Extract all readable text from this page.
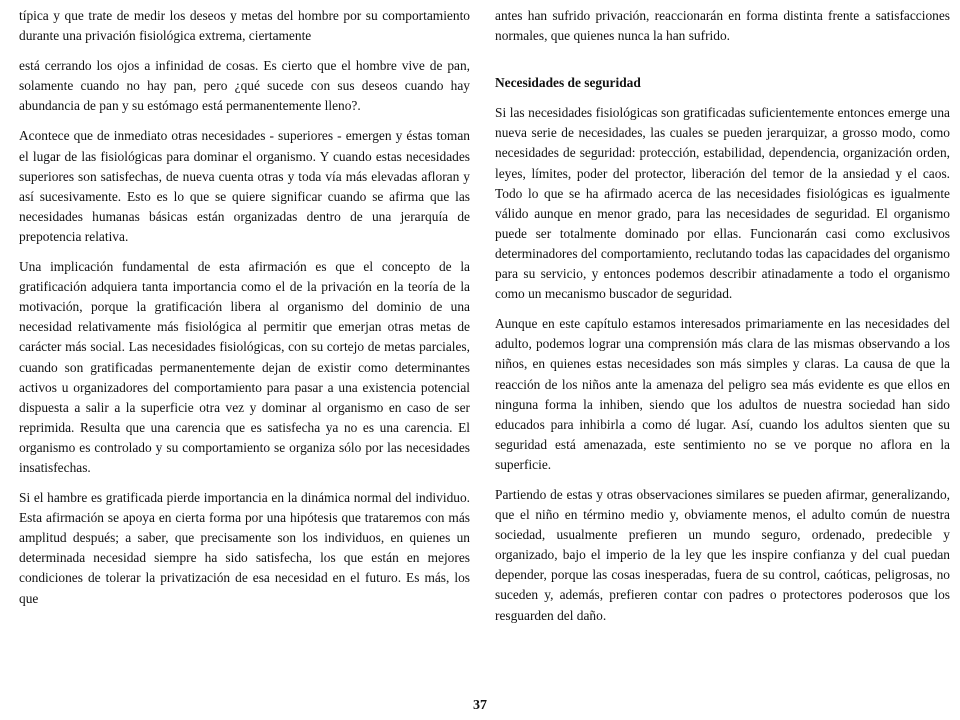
típica y que trate de medir los deseos y metas del hombre por su comportamiento durante una privación fisiológica extrema, ciertamente

está cerrando los ojos a infinidad de cosas. Es cierto que el hombre vive de pan, solamente cuando no hay pan, pero ¿qué sucede con sus deseos cuando hay abundancia de pan y su estómago está permanentemente lleno?.

Acontece que de inmediato otras necesidades - superiores - emergen y éstas toman el lugar de las fisiológicas para dominar el organismo. Y cuando estas necesidades superiores son satisfechas, de nueva cuenta otras y toda vía más elevadas afloran y así sucesivamente. Esto es lo que se quiere significar cuando se afirma que las necesidades humanas básicas están organizadas dentro de una jerarquía de prepotencia relativa.

Una implicación fundamental de esta afirmación es que el concepto de la gratificación adquiera tanta importancia como el de la privación en la teoría de la motivación, porque la gratificación libera al organismo del dominio de una necesidad relativamente más fisiológica al permitir que emerjan otras metas de carácter más social. Las necesidades fisiológicas, con su cortejo de metas parciales, cuando son gratificadas permanentemente dejan de existir como determinantes activos u organizadores del comportamiento para pasar a una existencia potencial dispuesta a salir a la superficie otra vez y dominar al organismo en caso de ser reprimida. Resulta que una carencia que es satisfecha ya no es una carencia. El organismo es controlado y su comportamiento se organiza sólo por las necesidades insatisfechas.

Si el hambre es gratificada pierde importancia en la dinámica normal del individuo. Esta afirmación se apoya en cierta forma por una hipótesis que trataremos con más amplitud después; a saber, que precisamente son los individuos, en quienes un determinada necesidad siempre ha sido satisfecha, los que están en mejores condiciones de tolerar la privatización de esa necesidad en el futuro. Es más, los que

antes han sufrido privación, reaccionarán en forma distinta frente a satisfacciones normales, que quienes nunca la han sufrido.

Necesidades de seguridad

Si las necesidades fisiológicas son gratificadas suficientemente entonces emerge una nueva serie de necesidades, las cuales se pueden jerarquizar, a grosso modo, como necesidades de seguridad: protección, estabilidad, dependencia, organización orden, leyes, límites, poder del protector, liberación del temor de la ansiedad y el caos. Todo lo que se ha afirmado acerca de las necesidades fisiológicas es igualmente válido aunque en menor grado, para las necesidades de seguridad. El organismo puede ser totalmente dominado por ellas. Funcionarán casi como exclusivos determinadores del comportamiento, reclutando todas las capacidades del organismo para su servicio, y entonces podemos describir atinadamente a todo el organismo como un mecanismo buscador de seguridad.

Aunque en este capítulo estamos interesados primariamente en las necesidades del adulto, podemos lograr una comprensión más clara de las mismas observando a los niños, en quienes estas necesidades son más simples y claras. La causa de que la reacción de los niños ante la amenaza del peligro sea más evidente es que ellos en ninguna forma la inhiben, siendo que los adultos de nuestra sociedad han sido educados para inhibirla a como dé lugar. Así, cuando los adultos sienten que su seguridad está amenazada, este sentimiento no se ve porque no aflora en la superficie.

Partiendo de estas y otras observaciones similares se pueden afirmar, generalizando, que el niño en término medio y, obviamente menos, el adulto común de nuestra sociedad, usualmente prefieren un mundo seguro, ordenado, predecible y organizado, bajo el imperio de la ley que les inspire confianza y del cual puedan depender, porque las cosas inesperadas, fuera de su control, caóticas, peligrosas, no suceden y, además, prefieren contar con padres o protectores poderosos que los resguarden del daño.

37
